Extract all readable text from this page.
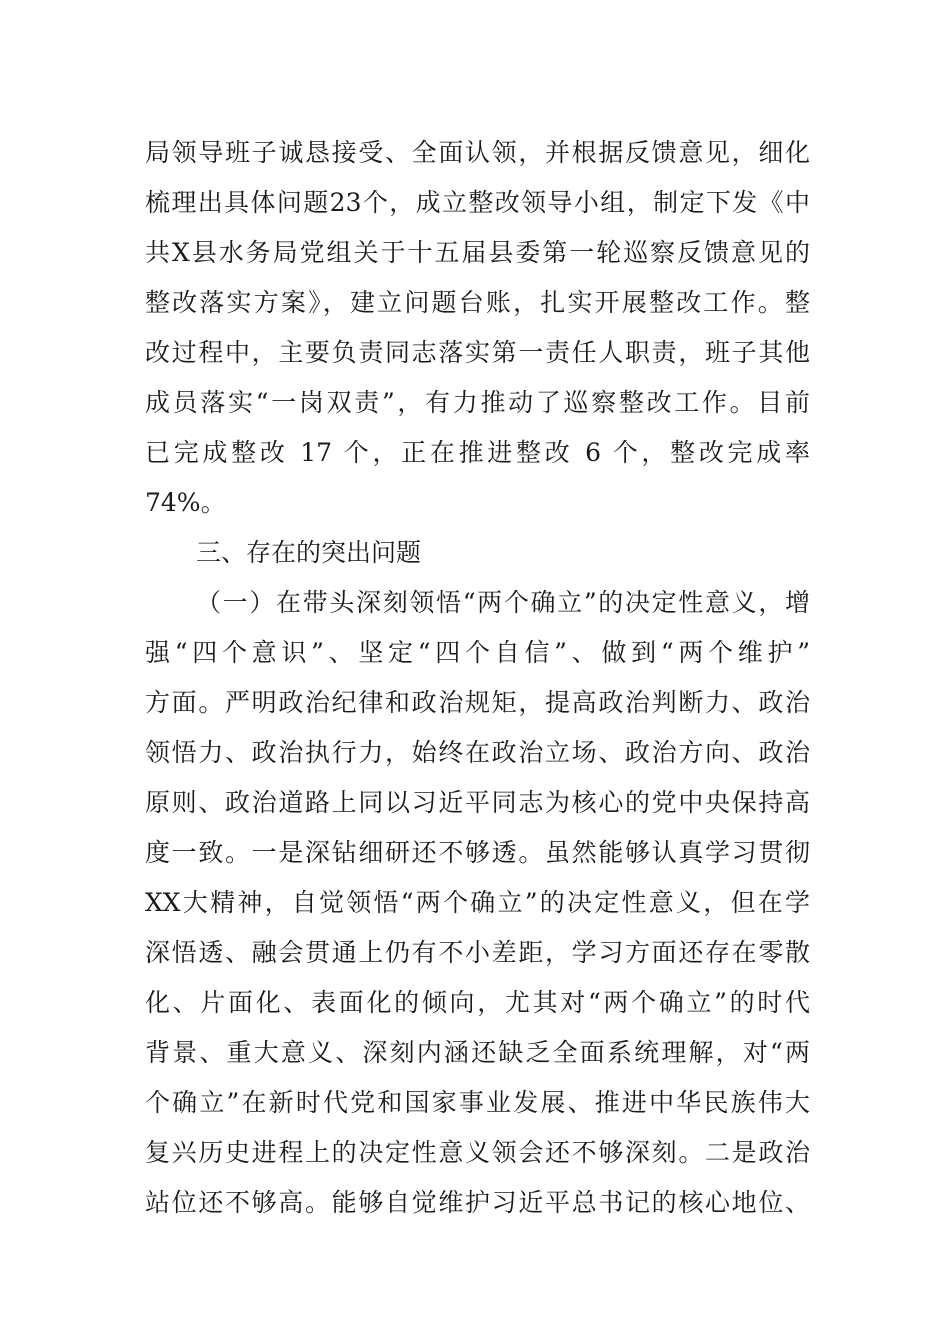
局领导班子诚恳接受、全面认领，并根据反馈意见，细化
梳理出具体问题23个，成立整改领导小组，制定下发《中
共X县水务局党组关于十五届县委第一轮巡察反馈意见的
整改落实方案》，建立问题台账，扎实开展整改工作。整
改过程中，主要负责同志落实第一责任人职责，班子其他
成员落实“一岗双责”，有力推动了巡察整改工作。目前
已完成整改 17 个，正在推进整改 6 个，整改完成率
74%。
三、存在的突出问题
（一）在带头深刻领悟“两个确立”的决定性意义，增
强“四个意识”、坚定“四个自信”、做到“两个维护”
方面。严明政治纪律和政治规矩，提高政治判断力、政治
领悟力、政治执行力，始终在政治立场、政治方向、政治
原则、政治道路上同以习近平同志为核心的党中央保持高
度一致。一是深钻细研还不够透。虽然能够认真学习贯彻
XX大精神，自觉领悟“两个确立”的决定性意义，但在学
深悟透、融会贯通上仍有不小差距，学习方面还存在零散
化、片面化、表面化的倾向，尤其对“两个确立”的时代
背景、重大意义、深刻内涵还缺乏全面系统理解，对“两
个确立”在新时代党和国家事业发展、推进中华民族伟大
复兴历史进程上的决定性意义领会还不够深刻。二是政治
站位还不够高。能够自觉维护习近平总书记的核心地位、
